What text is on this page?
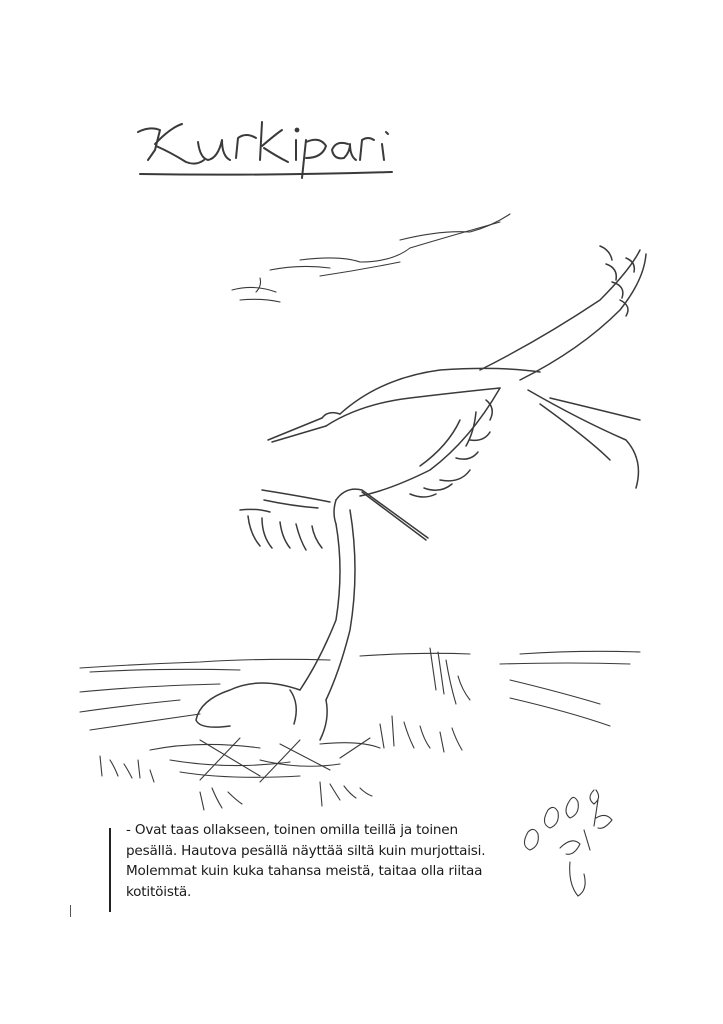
- Ovat taas ollakseen, toinen omilla teillä ja toinen
pesällä. Hautova pesällä näyttää siltä kuin murjottaisi.
Molemmat kuin kuka tahansa meistä, taitaa olla riitaa
kotitöistä.
